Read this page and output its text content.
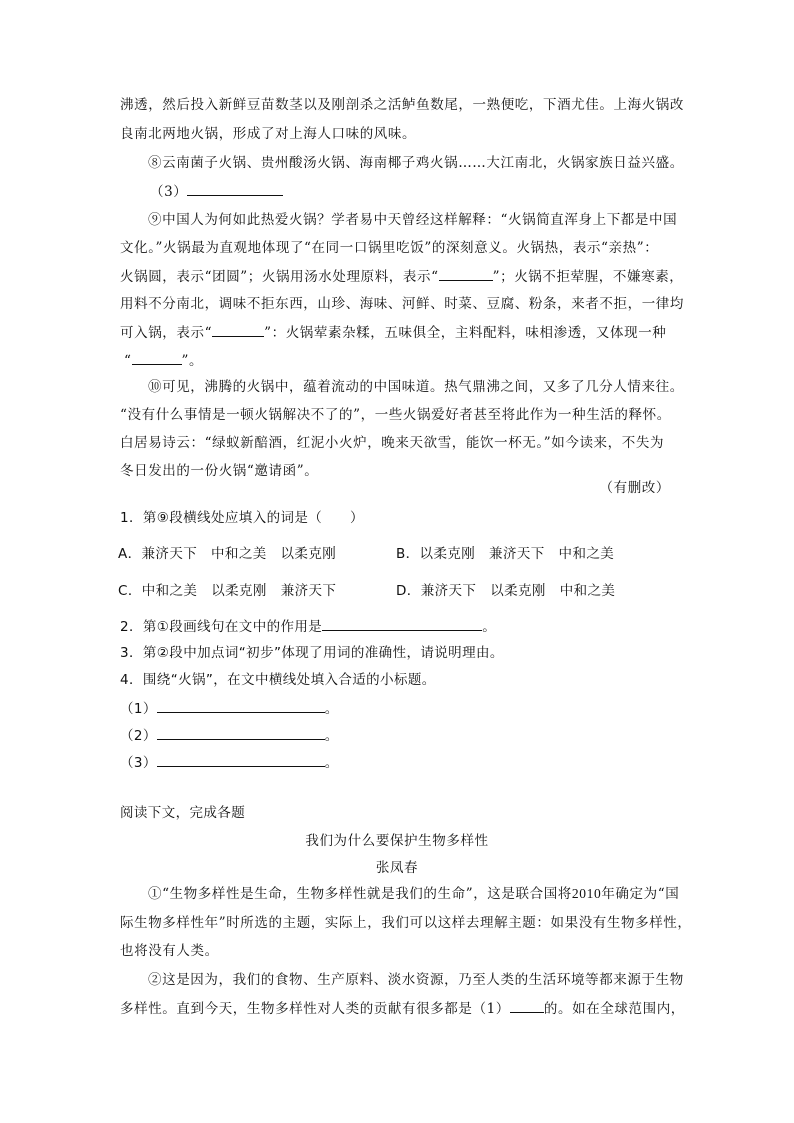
沸透，然后投入新鲜豆苗数茎以及刚剖杀之活鲈鱼数尾，一熟便吃，下酒尤佳。上海火锅改
良南北两地火锅，形成了对上海人口味的风味。
⑧云南菌子火锅、贵州酸汤火锅、海南椰子鸡火锅……大江南北，火锅家族日益兴盛。
（3）
⑨中国人为何如此热爱火锅？学者易中天曾经这样解释：“火锅简直浑身上下都是中国
文化。”火锅最为直观地体现了“在同一口锅里吃饭”的深刻意义。火锅热，表示“亲热”：
火锅圆，表示“团圆”；火锅用汤水处理原料，表示“	”；火锅不拒荤腥，不嫌寒素，
用料不分南北，调味不拒东西，山珍、海味、河鲜、时菜、豆腐、粉条，来者不拒，一律均
可入锅，表示“	”：火锅荤素杂糅，五味俱全，主料配料，味相渗透，又体现一种
“	”。
⑩可见，沸腾的火锅中，蕴着流动的中国味道。热气鼎沸之间，又多了几分人情来往。
“没有什么事情是一顿火锅解决不了的”，一些火锅爱好者甚至将此作为一种生活的释怀。
白居易诗云：“绿蚁新醅酒，红泥小火炉，晚来天欲雪，能饮一杯无。”如今读来，不失为
冬日发出的一份火锅“邀请函”。
（有删改）
1．第⑨段横线处应填入的词是（　　）
A．兼济天下　中和之美　以柔克刚	B．以柔克刚　兼济天下　中和之美
C．中和之美　以柔克刚　兼济天下	D．兼济天下　以柔克刚　中和之美
2．第①段画线句在文中的作用是	。
3．第②段中加点词“初步”体现了用词的准确性，请说明理由。
4．围绕“火锅”，在文中横线处填入合适的小标题。
（1）	。
（2）	。
（3）	。
阅读下文，完成各题
我们为什么要保护生物多样性
张凤春
①“生物多样性是生命，生物多样性就是我们的生命”，这是联合国将2010年确定为“国
际生物多样性年”时所选的主题，实际上，我们可以这样去理解主题：如果没有生物多样性，
也将没有人类。
②这是因为，我们的食物、生产原料、淡水资源，乃至人类的生活环境等都来源于生物
多样性。直到今天，生物多样性对人类的贡献有很多都是（1）	的。如在全球范围内，
